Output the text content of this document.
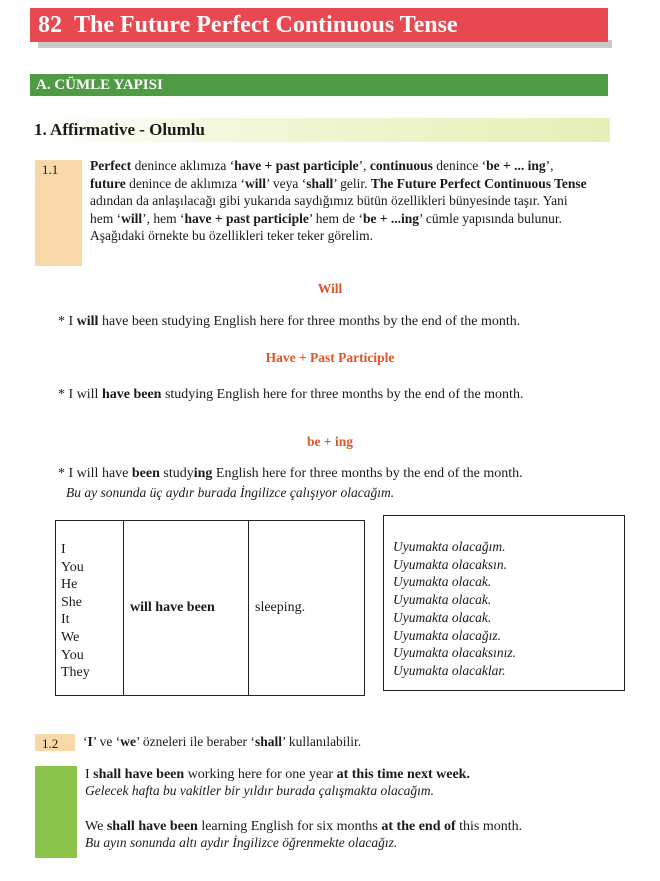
82 The Future Perfect Continuous Tense
A. CÜMLE YAPISI
1. Affirmative - Olumlu
1.1 Perfect denince aklımıza ‘have + past participle’, continuous denince ‘be + ... ing’, future denince de aklımıza ‘will’ veya ‘shall’ gelir. The Future Perfect Continuous Tense adından da anlaşılacağı gibi yukarıda saydığımız bütün özellikleri bünyesinde taşır. Yani hem ‘will’, hem ‘have + past participle’ hem de ‘be + ...ing’ cümle yapısında bulunur. Aşağıdaki örnekte bu özellikleri teker teker görelim.
Will
* I will have been studying English here for three months by the end of the month.
Have + Past Participle
* I will have been studying English here for three months by the end of the month.
be + ing
* I will have been studying English here for three months by the end of the month.
Bu ay sonunda üç aydır burada İngilizce çalışıyor olacağım.
I
You
He
She
It
We
You
They
	will have been	sleeping.
Uyumakta olacağım.
Uyumakta olacaksın.
Uyumakta olacak.
Uyumakta olacak.
Uyumakta olacak.
Uyumakta olacağız.
Uyumakta olacaksınız.
Uyumakta olacaklar.
1.2 ‘I’ ve ‘we’ özneleri ile beraber ‘shall’ kullanılabilir.
I shall have been working here for one year at this time next week.
Gelecek hafta bu vakitler bir yıldır burada çalışmakta olacağım.
We shall have been learning English for six months at the end of this month.
Bu ayın sonunda altı aydır İngilizce öğrenmekte olacağız.
